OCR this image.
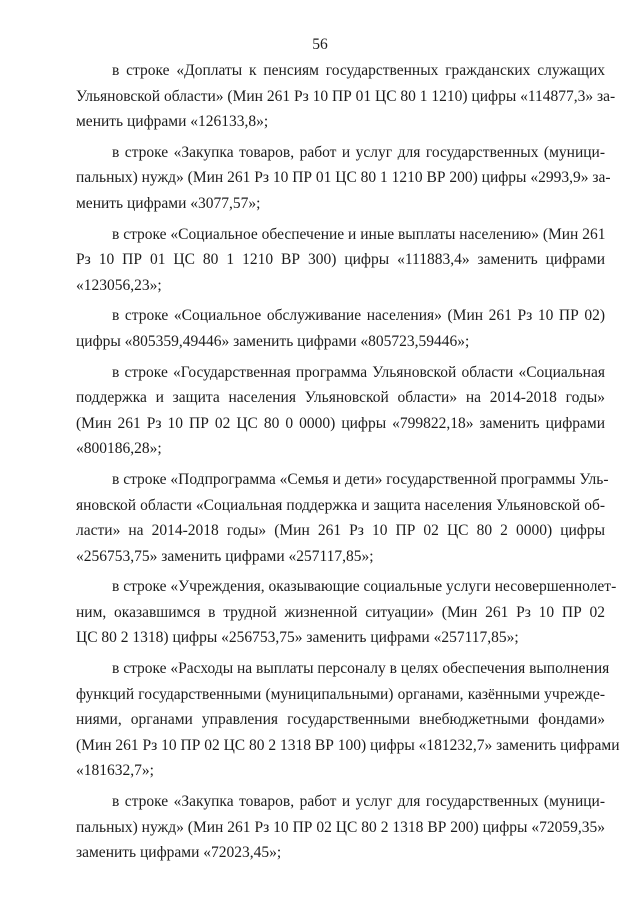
56

в строке «Доплаты к пенсиям государственных гражданских служащих
Ульяновской области» (Мин 261 Рз 10 ПР 01 ЦС 80 1 1210) цифры «114877,3» за-
менить цифрами «126133,8»;

в строке «Закупка товаров, работ и услуг для государственных (муници-
пальных) нужд» (Мин 261 Рз 10 ПР 01 ЦС 80 1 1210 ВР 200) цифры «2993,9» за-
менить цифрами «3077,57»;

в строке «Социальное обеспечение и иные выплаты населению» (Мин 261
Рз 10 ПР 01 ЦС 80 1 1210 ВР 300) цифры «111883,4» заменить цифрами
«123056,23»;

в строке «Социальное обслуживание населения» (Мин 261 Рз 10 ПР 02)
цифры «805359,49446» заменить цифрами «805723,59446»;

в строке «Государственная программа Ульяновской области «Социальная
поддержка и защита населения Ульяновской области» на 2014-2018 годы»
(Мин 261 Рз 10 ПР 02 ЦС 80 0 0000) цифры «799822,18» заменить цифрами
«800186,28»;

в строке «Подпрограмма «Семья и дети» государственной программы Уль-
яновской области «Социальная поддержка и защита населения Ульяновской об-
ласти» на 2014-2018 годы» (Мин 261 Рз 10 ПР 02 ЦС 80 2 0000) цифры
«256753,75» заменить цифрами «257117,85»;

в строке «Учреждения, оказывающие социальные услуги несовершеннолет-
ним, оказавшимся в трудной жизненной ситуации» (Мин 261 Рз 10 ПР 02
ЦС 80 2 1318) цифры «256753,75» заменить цифрами «257117,85»;

в строке «Расходы на выплаты персоналу в целях обеспечения выполнения
функций государственными (муниципальными) органами, казёнными учрежде-
ниями, органами управления государственными внебюджетными фондами»
(Мин 261 Рз 10 ПР 02 ЦС 80 2 1318 ВР 100) цифры «181232,7» заменить цифрами
«181632,7»;

в строке «Закупка товаров, работ и услуг для государственных (муници-
пальных) нужд» (Мин 261 Рз 10 ПР 02 ЦС 80 2 1318 ВР 200) цифры «72059,35»
заменить цифрами «72023,45»;
